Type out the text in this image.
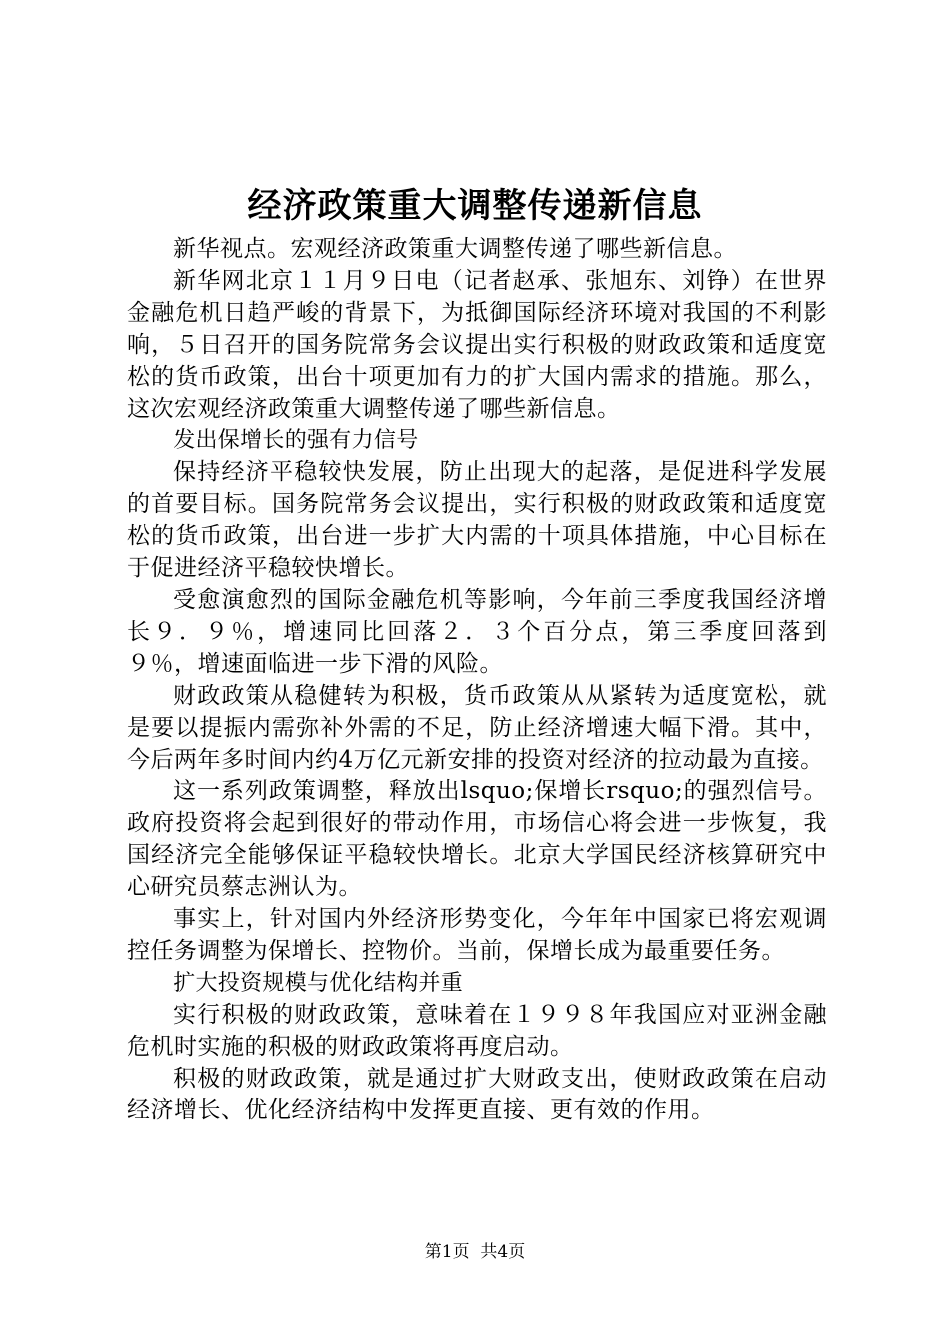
经济政策重大调整传递新信息

新华视点。宏观经济政策重大调整传递了哪些新信息。

新华网北京１１月９日电（记者赵承、张旭东、刘铮）在世界金融危机日趋严峻的背景下，为抵御国际经济环境对我国的不利影响，５日召开的国务院常务会议提出实行积极的财政政策和适度宽松的货币政策，出台十项更加有力的扩大国内需求的措施。那么，这次宏观经济政策重大调整传递了哪些新信息。

发出保增长的强有力信号

保持经济平稳较快发展，防止出现大的起落，是促进科学发展的首要目标。国务院常务会议提出，实行积极的财政政策和适度宽松的货币政策，出台进一步扩大内需的十项具体措施，中心目标在于促进经济平稳较快增长。

受愈演愈烈的国际金融危机等影响，今年前三季度我国经济增长９．９％，增速同比回落２．３个百分点，第三季度回落到９％，增速面临进一步下滑的风险。

财政政策从稳健转为积极，货币政策从从紧转为适度宽松，就是要以提振内需弥补外需的不足，防止经济增速大幅下滑。其中，今后两年多时间内约4万亿元新安排的投资对经济的拉动最为直接。

这一系列政策调整，释放出lsquo;保增长rsquo;的强烈信号。政府投资将会起到很好的带动作用，市场信心将会进一步恢复，我国经济完全能够保证平稳较快增长。北京大学国民经济核算研究中心研究员蔡志洲认为。

事实上，针对国内外经济形势变化，今年年中国家已将宏观调控任务调整为保增长、控物价。当前，保增长成为最重要任务。

扩大投资规模与优化结构并重

实行积极的财政政策，意味着在１９９８年我国应对亚洲金融危机时实施的积极的财政政策将再度启动。

积极的财政政策，就是通过扩大财政支出，使财政政策在启动经济增长、优化经济结构中发挥更直接、更有效的作用。

第1页 共4页
